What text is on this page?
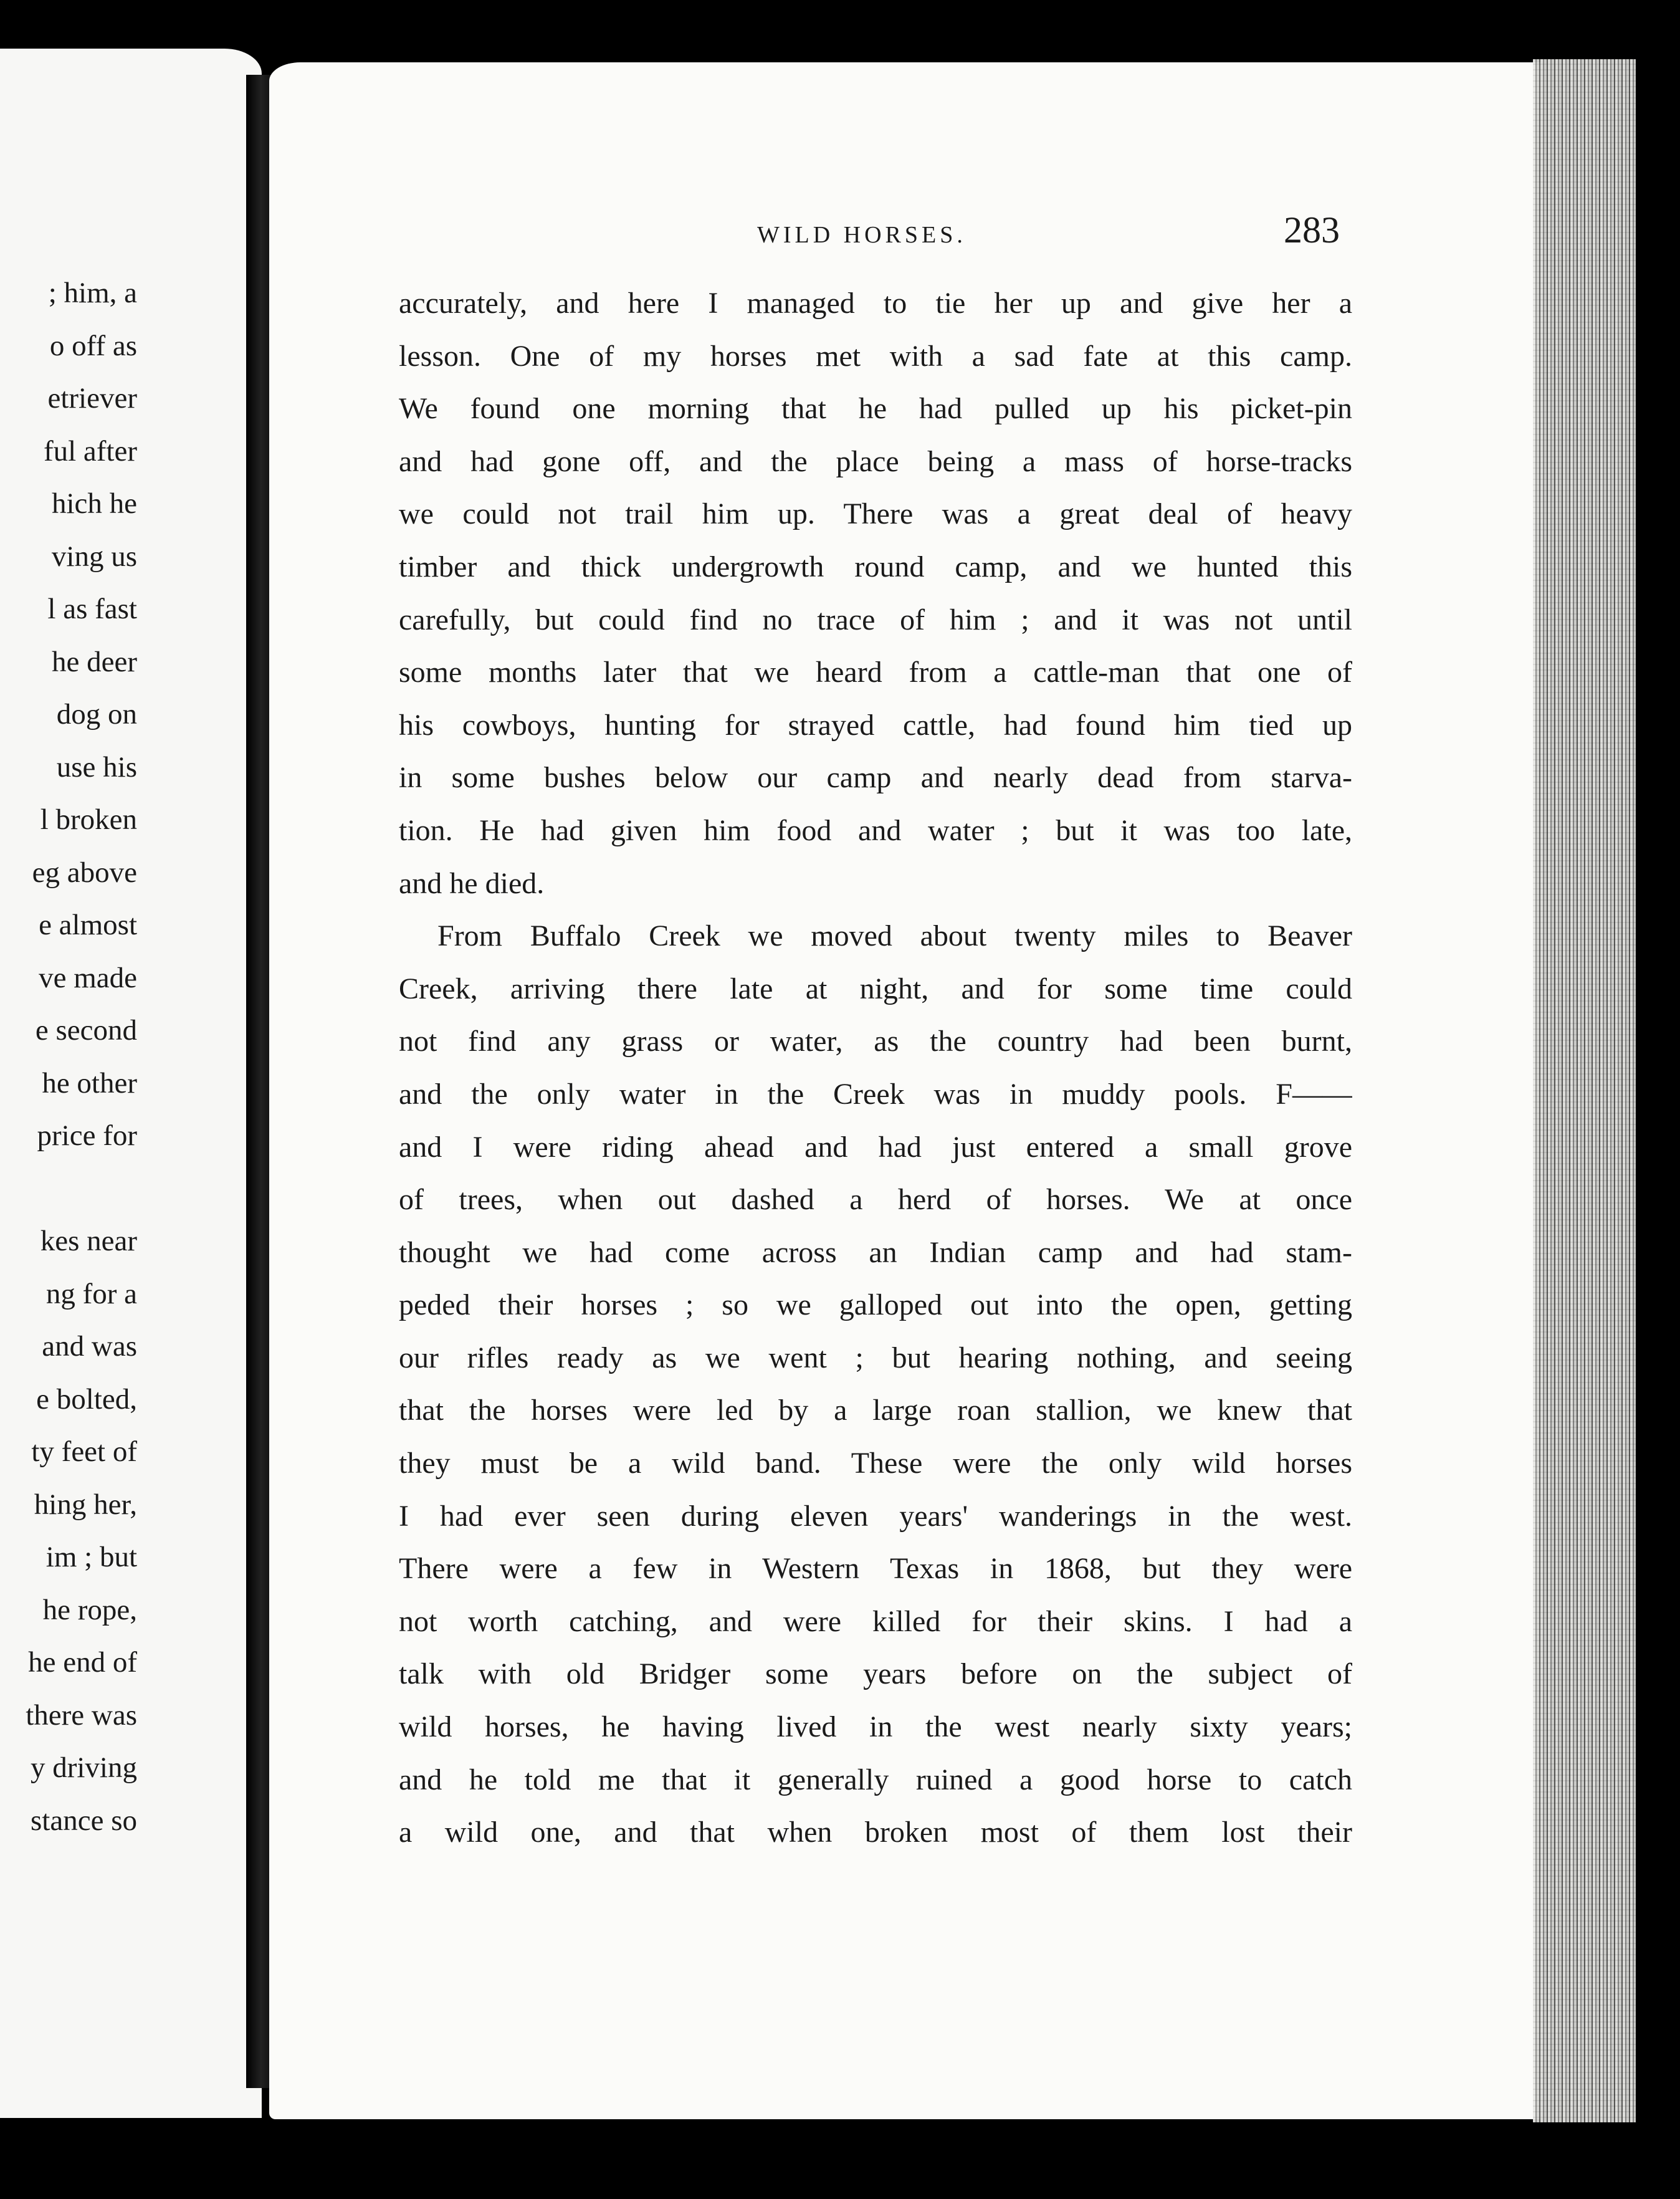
; him, a
o off as
etriever
ful after
hich he
ving us
l as fast
he deer
dog on
use his
l broken
eg above
e almost
ve made
e second
he other
price for
kes near
ng for a
and was
e bolted,
ty feet of
hing her,
im ; but
he rope,
he end of
there was
y driving
stance so
WILD HORSES.	283
accurately, and here I managed to tie her up and give her a
lesson. One of my horses met with a sad fate at this camp.
We found one morning that he had pulled up his picket-pin
and had gone off, and the place being a mass of horse-tracks
we could not trail him up. There was a great deal of heavy
timber and thick undergrowth round camp, and we hunted this
carefully, but could find no trace of him ; and it was not until
some months later that we heard from a cattle-man that one of
his cowboys, hunting for strayed cattle, had found him tied up
in some bushes below our camp and nearly dead from starva-
tion. He had given him food and water ; but it was too late,
and he died.
From Buffalo Creek we moved about twenty miles to Beaver
Creek, arriving there late at night, and for some time could
not find any grass or water, as the country had been burnt,
and the only water in the Creek was in muddy pools. F——
and I were riding ahead and had just entered a small grove
of trees, when out dashed a herd of horses. We at once
thought we had come across an Indian camp and had stam-
peded their horses ; so we galloped out into the open, getting
our rifles ready as we went ; but hearing nothing, and seeing
that the horses were led by a large roan stallion, we knew that
they must be a wild band. These were the only wild horses
I had ever seen during eleven years' wanderings in the west.
There were a few in Western Texas in 1868, but they were
not worth catching, and were killed for their skins. I had a
talk with old Bridger some years before on the subject of
wild horses, he having lived in the west nearly sixty years;
and he told me that it generally ruined a good horse to catch
a wild one, and that when broken most of them lost their
